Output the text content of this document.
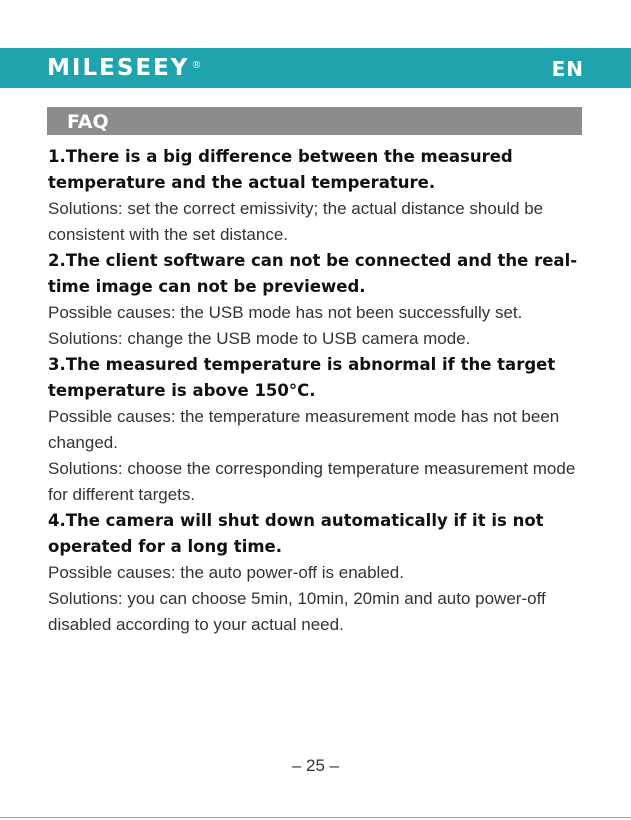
MILESEEY ®	EN
FAQ

1.There is a big difference between the measured temperature and the actual temperature.

Solutions: set the correct emissivity; the actual distance should be consistent with the set distance.

2.The client software can not be connected and the real-time image can not be previewed.

Possible causes: the USB mode has not been successfully set.

Solutions: change the USB mode to USB camera mode.

3.The measured temperature is abnormal if the target temperature is above 150°C.

Possible causes: the temperature measurement mode has not been changed.

Solutions: choose the corresponding temperature measurement mode for different targets.

4.The camera will shut down automatically if it is not operated for a long time.

Possible causes: the auto power-off is enabled.

Solutions: you can choose 5min, 10min, 20min and auto power-off disabled according to your actual need.

– 25 –
